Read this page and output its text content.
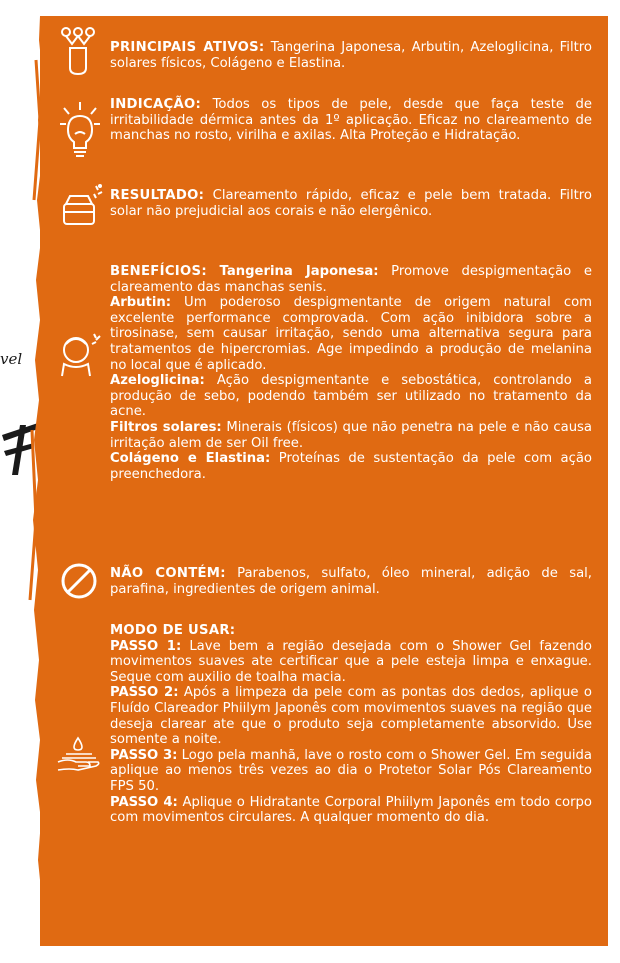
vel

PRINCIPAIS ATIVOS: Tangerina Japonesa, Arbutin, Azeloglicina, Filtro solares físicos, Colágeno e Elastina.

INDICAÇÃO: Todos os tipos de pele, desde que faça teste de irritabilidade dérmica antes da 1º aplicação. Eficaz no clareamento de manchas no rosto, virilha e axilas. Alta Proteção e Hidratação.

RESULTADO: Clareamento rápido, eficaz e pele bem tratada. Filtro solar não prejudicial aos corais e não elergênico.

BENEFÍCIOS: Tangerina Japonesa: Promove despigmentação e clareamento das manchas senis.

Arbutin: Um poderoso despigmentante de origem natural com excelente performance comprovada. Com ação inibidora sobre a tirosinase, sem causar irritação, sendo uma alternativa segura para tratamentos de hipercromias. Age impedindo a produção de melanina no local que é aplicado.

Azeloglicina: Ação despigmentante e sebostática, controlando a produção de sebo, podendo também ser utilizado no tratamento da acne.

Filtros solares: Minerais (físicos) que não penetra na pele e não causa irritação alem de ser Oil free.

Colágeno e Elastina: Proteínas de sustentação da pele com ação preenchedora.

NÃO CONTÉM: Parabenos, sulfato, óleo mineral, adição de sal, parafina, ingredientes de origem animal.

MODO DE USAR:

PASSO 1: Lave bem a região desejada com o Shower Gel fazendo movimentos suaves ate certificar que a pele esteja limpa e enxague. Seque com auxilio de toalha macia.

PASSO 2: Após a limpeza da pele com as pontas dos dedos, aplique o Fluído Clareador Phiilym Japonês com movimentos suaves na região que deseja clarear ate que o produto seja completamente absorvido. Use somente a noite.

PASSO 3: Logo pela manhã, lave o rosto com o Shower Gel. Em seguida aplique ao menos três vezes ao dia o Protetor Solar Pós Clareamento FPS 50.

PASSO 4: Aplique o Hidratante Corporal Phiilym Japonês em todo corpo com movimentos circulares. A qualquer momento do dia.
